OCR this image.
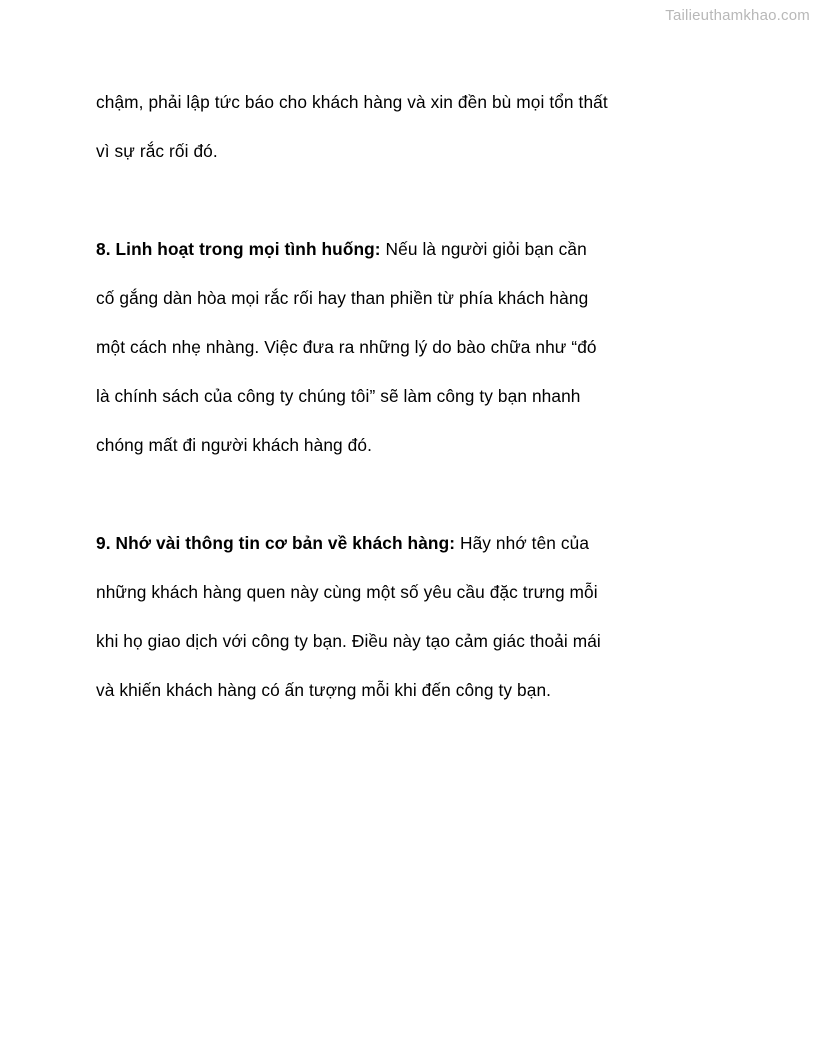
Tailieuthamkhao.com
chậm, phải lập tức báo cho khách hàng và xin đền bù mọi tổn thất
vì sự rắc rối đó.
8. Linh hoạt trong mọi tình huống: Nếu là người giỏi bạn cần
cố gắng dàn hòa mọi rắc rối hay than phiền từ phía khách hàng
một cách nhẹ nhàng. Việc đưa ra những lý do bào chữa như “đó
là chính sách của công ty chúng tôi” sẽ làm công ty bạn nhanh
chóng mất đi người khách hàng đó.
9. Nhớ vài thông tin cơ bản về khách hàng: Hãy nhớ tên của
những khách hàng quen này cùng một số yêu cầu đặc trưng mỗi
khi họ giao dịch với công ty bạn. Điều này tạo cảm giác thoải mái
và khiến khách hàng có ấn tượng mỗi khi đến công ty bạn.
